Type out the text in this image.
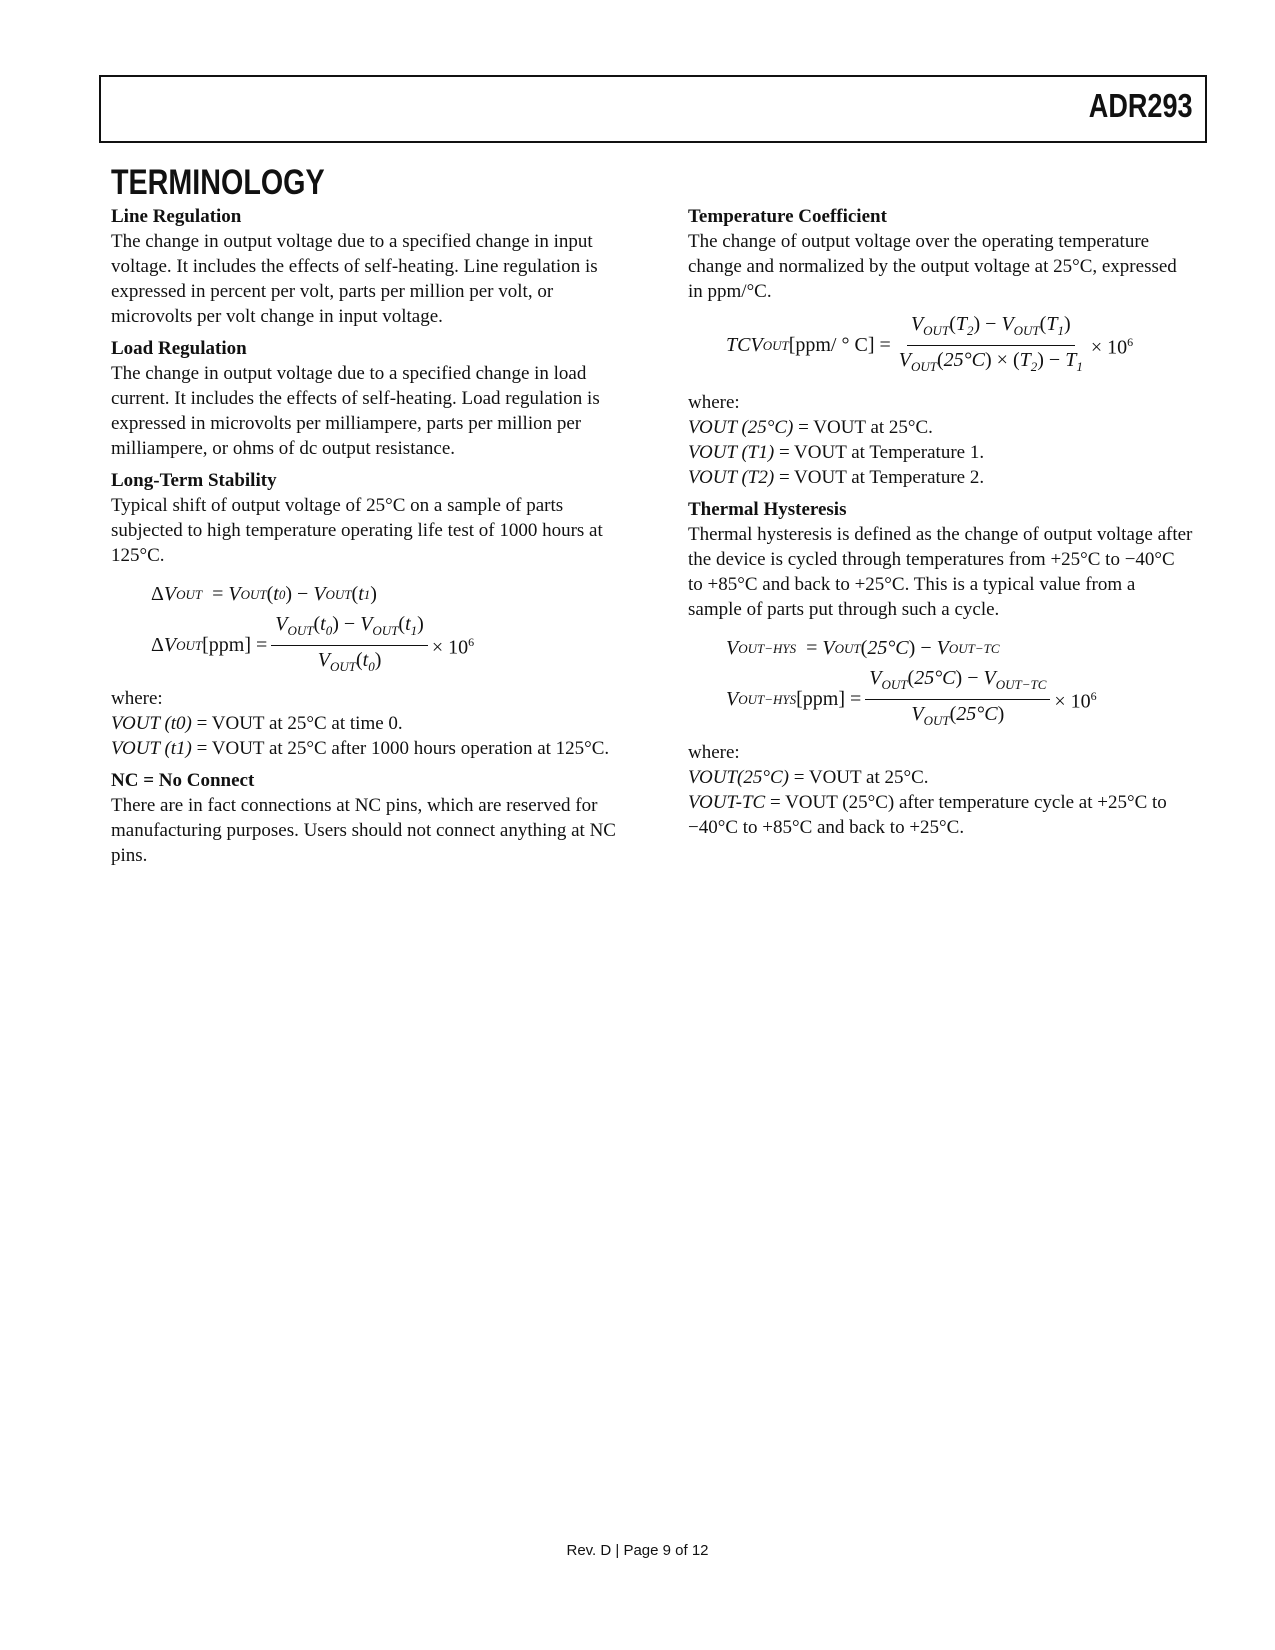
ADR293
TERMINOLOGY

Line Regulation

The change in output voltage due to a specified change in input voltage. It includes the effects of self-heating. Line regulation is expressed in percent per volt, parts per million per volt, or microvolts per volt change in input voltage.

Load Regulation

The change in output voltage due to a specified change in load current. It includes the effects of self-heating. Load regulation is expressed in microvolts per milliampere, parts per million per milliampere, or ohms of dc output resistance.

Long-Term Stability

Typical shift of output voltage of 25°C on a sample of parts subjected to high temperature operating life test of 1000 hours at 125°C.

Δ V OUT
= V OUT ( t 0 ) − V OUT ( t 1 )
Δ V OUT $[ppm] = \frac{V_{OUT}(t_0) - V_{OUT}(t_1)}{V_{OUT}(t_0)} \times 10^6$

where:

VOUT (t0) = VOUT at 25°C at time 0.

VOUT (t1) = VOUT at 25°C after 1000 hours operation at 125°C.

NC = No Connect

There are in fact connections at NC pins, which are reserved for manufacturing purposes. Users should not connect anything at NC pins.

Temperature Coefficient

The change of output voltage over the operating temperature change and normalized by the output voltage at 25°C, expressed in ppm/°C.

TCV OUT [ppm/ ° $C] = \frac{V_{OUT}(T_2) - V_{OUT}(T_1)}{V_{OUT}(25^\circ C) \times (T_2) - T_1} \times 10^6$

where:

VOUT (25°C) = VOUT at 25°C.

VOUT (T1) = VOUT at Temperature 1.

VOUT (T2) = VOUT at Temperature 2.

Thermal Hysteresis

Thermal hysteresis is defined as the change of output voltage after the device is cycled through temperatures from +25°C to −40°C to +85°C and back to +25°C. This is a typical value from a sample of parts put through such a cycle.

V OUT−HYS
= V OUT ( 25°C ) − V OUT−TC
V OUT−HYS $[ppm] = \frac{V_{OUT}(25^\circ C) - V_{OUT-TC}}{V_{OUT}(25^\circ C)} \times 10^6$

where:

VOUT(25°C) = VOUT at 25°C.

VOUT-TC = VOUT (25°C) after temperature cycle at +25°C to −40°C to +85°C and back to +25°C.

Rev. D | Page 9 of 12
